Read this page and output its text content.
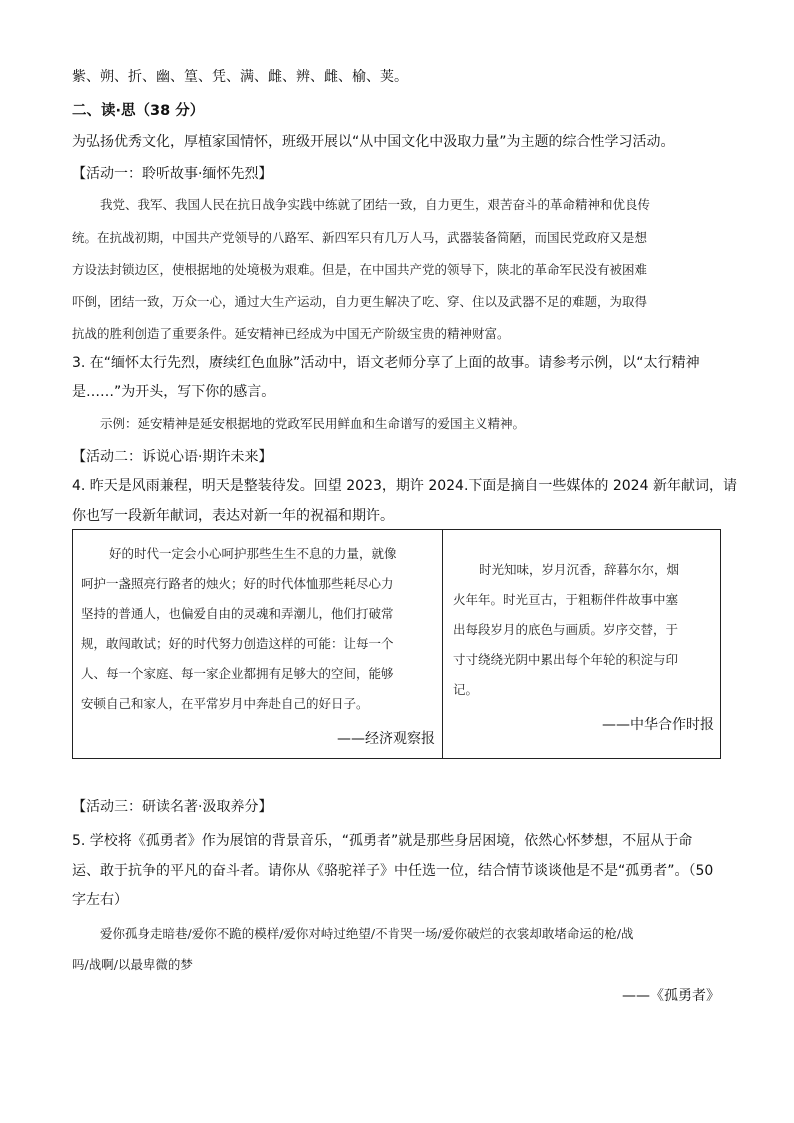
紫、朔、折、幽、篁、凭、满、雌、辨、雌、榆、荚。
二、读·思（38 分）
为弘扬优秀文化，厚植家国情怀，班级开展以“从中国文化中汲取力量”为主题的综合性学习活动。
【活动一：聆听故事·缅怀先烈】
我党、我军、我国人民在抗日战争实践中练就了团结一致，自力更生，艰苦奋斗的革命精神和优良传
统。在抗战初期，中国共产党领导的八路军、新四军只有几万人马，武器装备简陋，而国民党政府又是想
方设法封锁边区，使根据地的处境极为艰难。但是，在中国共产党的领导下，陕北的革命军民没有被困难
吓倒，团结一致，万众一心，通过大生产运动，自力更生解决了吃、穿、住以及武器不足的难题，为取得
抗战的胜利创造了重要条件。延安精神已经成为中国无产阶级宝贵的精神财富。
3. 在“缅怀太行先烈，赓续红色血脉”活动中，语文老师分享了上面的故事。请参考示例，以“太行精神
是……”为开头，写下你的感言。
示例：延安精神是延安根据地的党政军民用鲜血和生命谱写的爱国主义精神。
【活动二：诉说心语·期许未来】
4. 昨天是风雨兼程，明天是整装待发。回望 2023，期许 2024.下面是摘自一些媒体的 2024 新年献词，请
你也写一段新年献词，表达对新一年的祝福和期许。
好的时代一定会小心呵护那些生生不息的力量，就像
呵护一盏照亮行路者的烛火；好的时代体恤那些耗尽心力
坚持的普通人，也偏爱自由的灵魂和弄潮儿，他们打破常
规，敢闯敢试；好的时代努力创造这样的可能：让每一个
人、每一个家庭、每一家企业都拥有足够大的空间，能够
安顿自己和家人，在平常岁月中奔赴自己的好日子。
——经济观察报
时光知味，岁月沉香，辞暮尔尔，烟
火年年。时光亘古，于粗粝伴件故事中塞
出每段岁月的底色与画质。岁序交替，于
寸寸绕绕光阴中累出每个年轮的积淀与印
记。
——中华合作时报
【活动三：研读名著·汲取养分】
5. 学校将《孤勇者》作为展馆的背景音乐，“孤勇者”就是那些身居困境，依然心怀梦想，不屈从于命
运、敢于抗争的平凡的奋斗者。请你从《骆驼祥子》中任选一位，结合情节谈谈他是不是“孤勇者”。（50
字左右）
爱你孤身走暗巷/爱你不跪的模样/爱你对峙过绝望/不肯哭一场/爱你破烂的衣裳却敢堵命运的枪/战
吗/战啊/以最卑微的梦
——《孤勇者》
